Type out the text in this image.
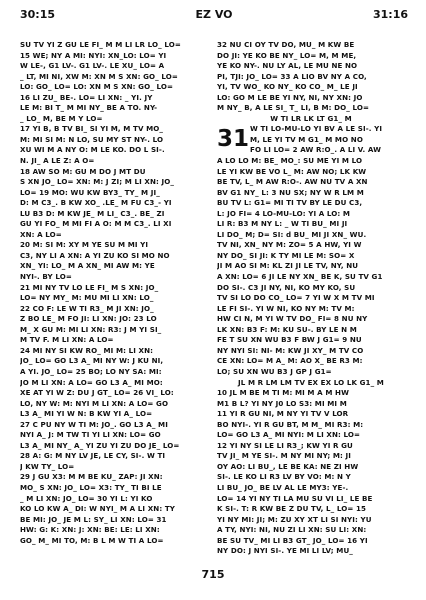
30:15	EZ VO	31:16
SU TV YI Z GU LE FI_ M M LI LR LO_ LO=
15 WE; NY A MI: NYI: XN_LO: LO= YI
W LE-, G1 LV-. G1 LV-. LE XU_ LO= A
_ LT, MI NI, XW M: XN M S XN: GO_ LO=
LO: GO_ LO= LO: XN M S XN: GO_ LO=
16 LI ZU_ BE-. LO= LI XN: _ YI. JY
LE M: BI T_ M MI NY_ BE A TO. NY-
_ LO_ M, BE M Y LO=
17 YI B, B TV BI_ SI YI M, M TV MO_
M: MI SI M: N LO, SU MY ST NY-. LO
XU WI M A NY O: M LE KO. DO L SI-.
N. JI_ A LE Z: A O=
18 AW SO M: GU M DO J MT DU
S XN JO_ LO= XN: M: J ZI; M LI XN: JO_
LO= 19 MO: WU KW BY3_ TY_ M JI_
D: M C3_. B KW XO_ .LE_ M FU C3_- YI
LU B3 D: M KW JE_ M LI_ C3_. BE_ ZI
GU YI FO_ M MI FI A O: M M C3_. LI XI
XN: A LO=
20 M: SI M: XY M YE SU M MI YI
C3, NY LI A XN: A YI ZU KO SI MO NO
XN_ YI: LO_ M A XN_ MI AW M: YE
NYI-. BY LO=
21 MI NY TV LO LE FI_ M S XN: JO_
LO= NY MY_ M: MU MI LI XN: LO_
22 CO F: LE W TI R3_ M JI XN: JO_
Z BO LE_ M FO JI: LI XN: JO: 23 LO
M_ X GU M: MI LI XN: R3: J M YI SI_
M TV F. M LI XN: A LO=
24 MI NY SI KW RO_ MI M: LI XN:
JO_ LO= GO L3 A_ MI NY W: J KU NI,
A YI. JO_ LO= 25 BO; LO NY SA: MI:
JO M LI XN: A LO= GO L3 A_ MI MO:
XE AT YI W Z: DU J GT_ LO= 26 VI_ LO:
LO, NY W: M: NYI M LI XN: A LO= GO
L3 A_ MI YI W N: B KW YI A_ LO=
27 C PU NY W TI M: JO_. GO L3 A_ MI
NYI A_ J: M TW TI YI LI XN: LO= GO
L3 A_ MI NY_ A_ YI ZU YI ZU DO JE_ LO=
28 A: G: M NY LV JE, LE CY, SI-. W TI
J KW TY_ LO=
29 J GU X3: M M BE KU_ ZAP: JI XN:
MO_ S XN: JO_ LO= X3: TY_ TI BI LE
_ M LI XN: JO_ LO= 30 YI L: YI KO
KO LO KW A_ DI: W NYI_ M A LI XN: TY
BE MI: JO_ JE M L: SY_ LI XN: LO= 31
HW: G: K: XN: J: XN: BE: LE: LI XN:
GO_ M_ MI TO, M: B L M W TI A LO=
32 NU CI OY TV DO, MU_ M KW BE
DO JI: YE KO BE NY_ LO= M, M ME,
YE KO NY-. NU LY AL, LE MU NE NO
PI, TJI: JO_ LO= 33 A LIO BV NY A CO,
YI, TV WO_ KO NY_ KO CO_ M_ LE JI
LO: GO M LE BE YI NY, NI, NY XN: JO
M NY_ B, A LE SI_ T_ LI, B M: DO_ LO=
W TI LR LK LT G1_ M
31 W TI LO-MU-LO YI BV A LE SI-. YI
M, LE YI TV M G1_ M MO NO
FO LI LO= 2 AW R:O_. A LI V. AW
A LO LO M: BE_ MO_: SU ME YI M LO
LE YI KW BE VO L_ M: AW NO; LK KW
BE TV, L_ M AW R:O-. AW NU TV A XN
BV G1 NY_ L: 3 NU SX; NY W R LM M
BU TV L: G1= MI TI TV BY LE DU C3,
L: JO FI= 4 LO-MU-LO: YI A LO: M
LI R: B3 M NY L: _ W TI BU_ MI JI
LI DO_ M; D= SI: d BU_ MI JI XN_ WU.
TV NI, XN_ NY M: ZO= 5 A HW, YI W
NY DO_ SI JI: K TY MI LE M: SO= X
JI M AO SI M: KL ZI JI LE TV, NY, NU
A XN: LO= 6 JI LE NY XN_ BE K, SU TV G1
DO SI-. C3 JI NY, NI, KO MY KO, SU
TV SI LO DO CO_ LO= 7 YI W X M TV MI
LE FI SI-. YI W NI, KO NY M: TV M:
HW CI N, M YI W TV DO_ FI= 8 NU NY
LK XN: B3 F: M: KU SU-. BY LE N M
FE T SU XN WU B3 F BW J G1= 9 NU
NY NYI SI: NI- M: KW JI XY_ M TV CO
CE XN: LO= M A_ M: AO X_ BE R3 M:
LO; SU XN WU B3 J GP J G1=
JL M R LM LM TV EX EX LO LK G1_ M
10 JL M BE M TI M: MI M A M HW
M1 B L? YI NY J0 LO S3: MI MI M
11 YI R GU NI, M NY YI TV V LOR
BO NYI-. YI R GU BT, M M_ MI R3: M:
LO= GO L3 A_ MI NYI: M LI XN: LO=
12 YI NY SI LE LI R3_; KW YI R GU
TV JI_ M YE SI-. M NY MI NY; M: JI
OY AO: LI BU_, LE BE KA: NE ZI HW
SI-. LE KO LI R3 LV BY VO: M: N Y
LI BU_ JO_ BE LV AL LE MY3: YE-.
LO= 14 YI NY TI LA MU SU VI LI_ LE BE
K SI-. T: R KW BE Z DU TV, L_ LO= 15
YI NY MI: JI; M: ZU XY XT LI SI NYI: YU
A TY, NYI: NI, NU ZI LI XN: SU LI: XN:
BE SU TV_ MI LI B3 GT_ JO_ LO= 16 YI
NY DO: J NYI SI-. YE MI LI LV; MU_
715
